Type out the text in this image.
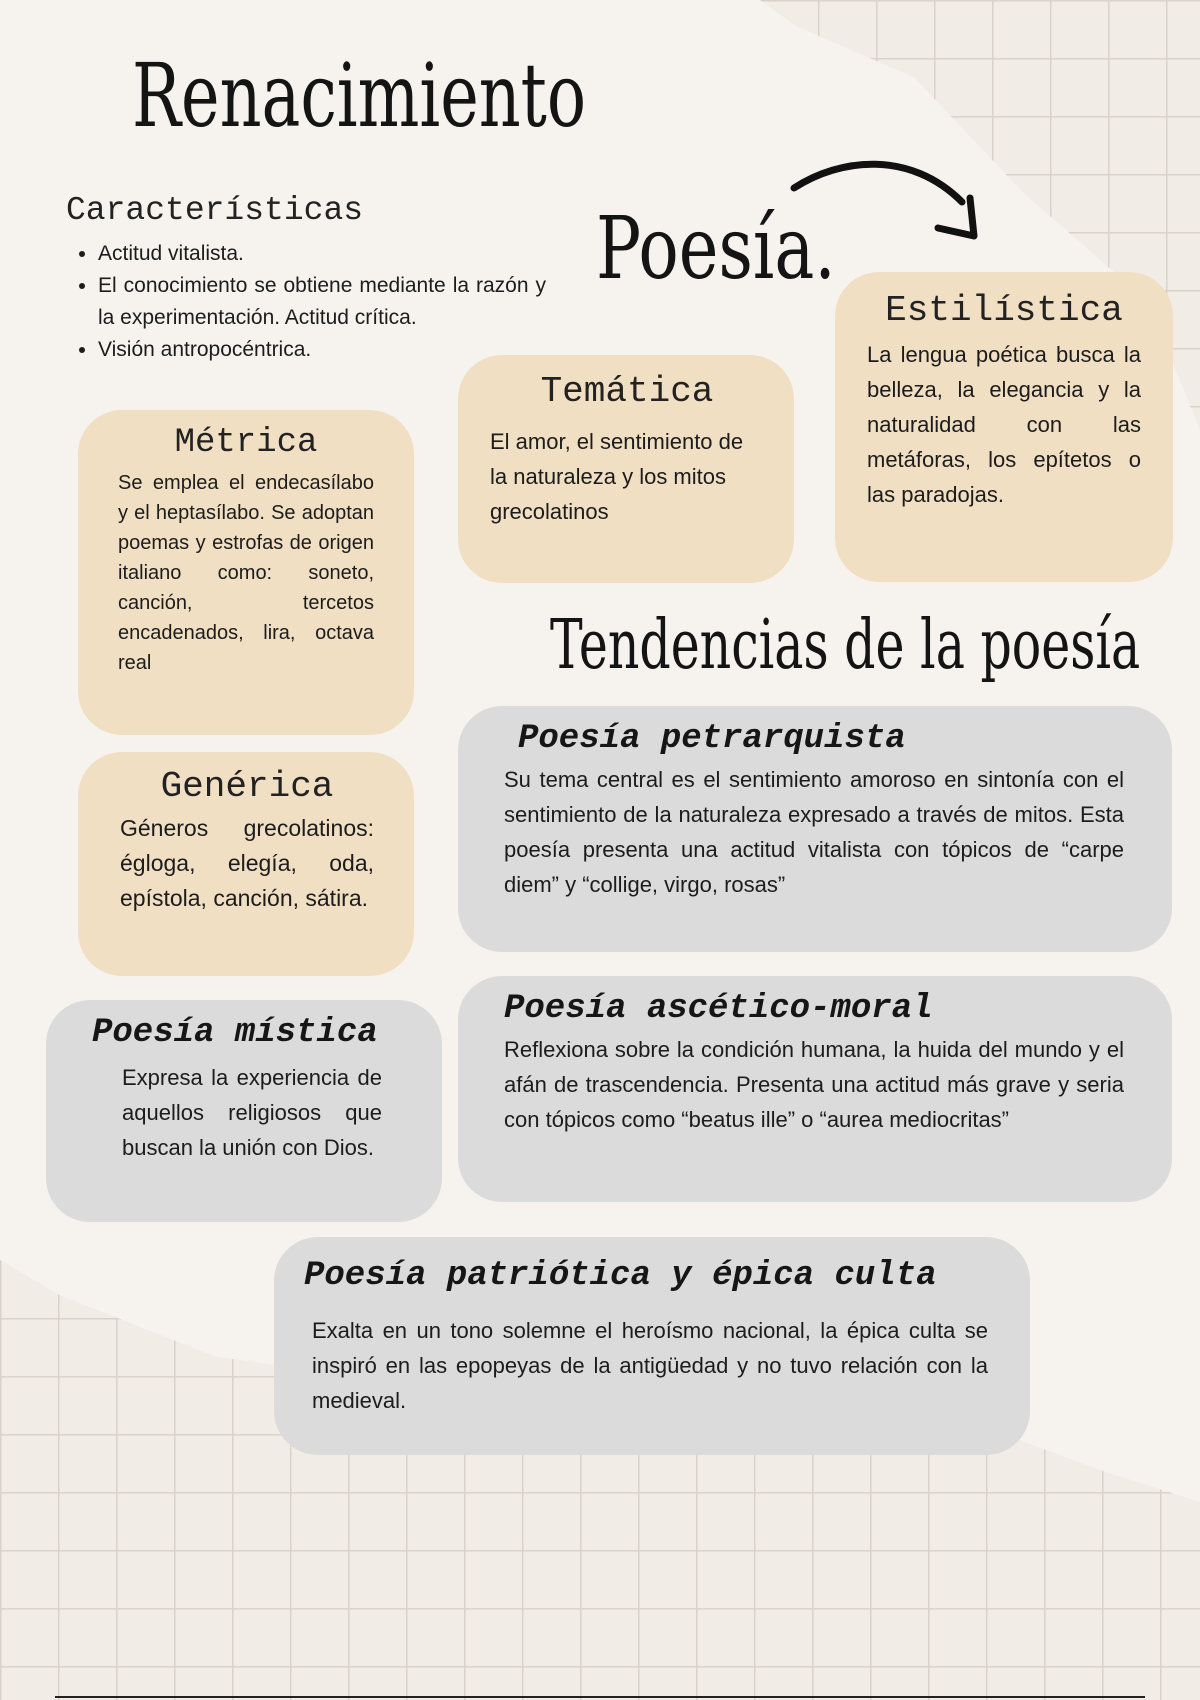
Renacimiento
Características
• Actitud vitalista.
• El conocimiento se obtiene mediante la razón y la experimentación. Actitud crítica.
• Visión antropocéntrica.
Poesía.
Métrica

Se emplea el endecasílabo y el heptasílabo. Se adoptan poemas y estrofas de origen italiano como: soneto, canción, tercetos encadenados, lira, octava real

Temática

El amor, el sentimiento de la naturaleza y los mitos grecolatinos

Estilística

La lengua poética busca la belleza, la elegancia y la naturalidad con las metáforas, los epítetos o las paradojas.

Genérica

Géneros grecolatinos: égloga, elegía, oda, epístola, canción, sátira.

Tendencias de la poesía
Poesía petrarquista

Su tema central es el sentimiento amoroso en sintonía con el sentimiento de la naturaleza expresado a través de mitos. Esta poesía presenta una actitud vitalista con tópicos de “carpe diem” y “collige, virgo, rosas”

Poesía mística

Expresa la experiencia de aquellos religiosos que buscan la unión con Dios.

Poesía ascético-moral

Reflexiona sobre la condición humana, la huida del mundo y el afán de trascendencia. Presenta una actitud más grave y seria con tópicos como “beatus ille” o “aurea mediocritas”

Poesía patriótica y épica culta

Exalta en un tono solemne el heroísmo nacional, la épica culta se inspiró en las epopeyas de la antigüedad y no tuvo relación con la medieval.
